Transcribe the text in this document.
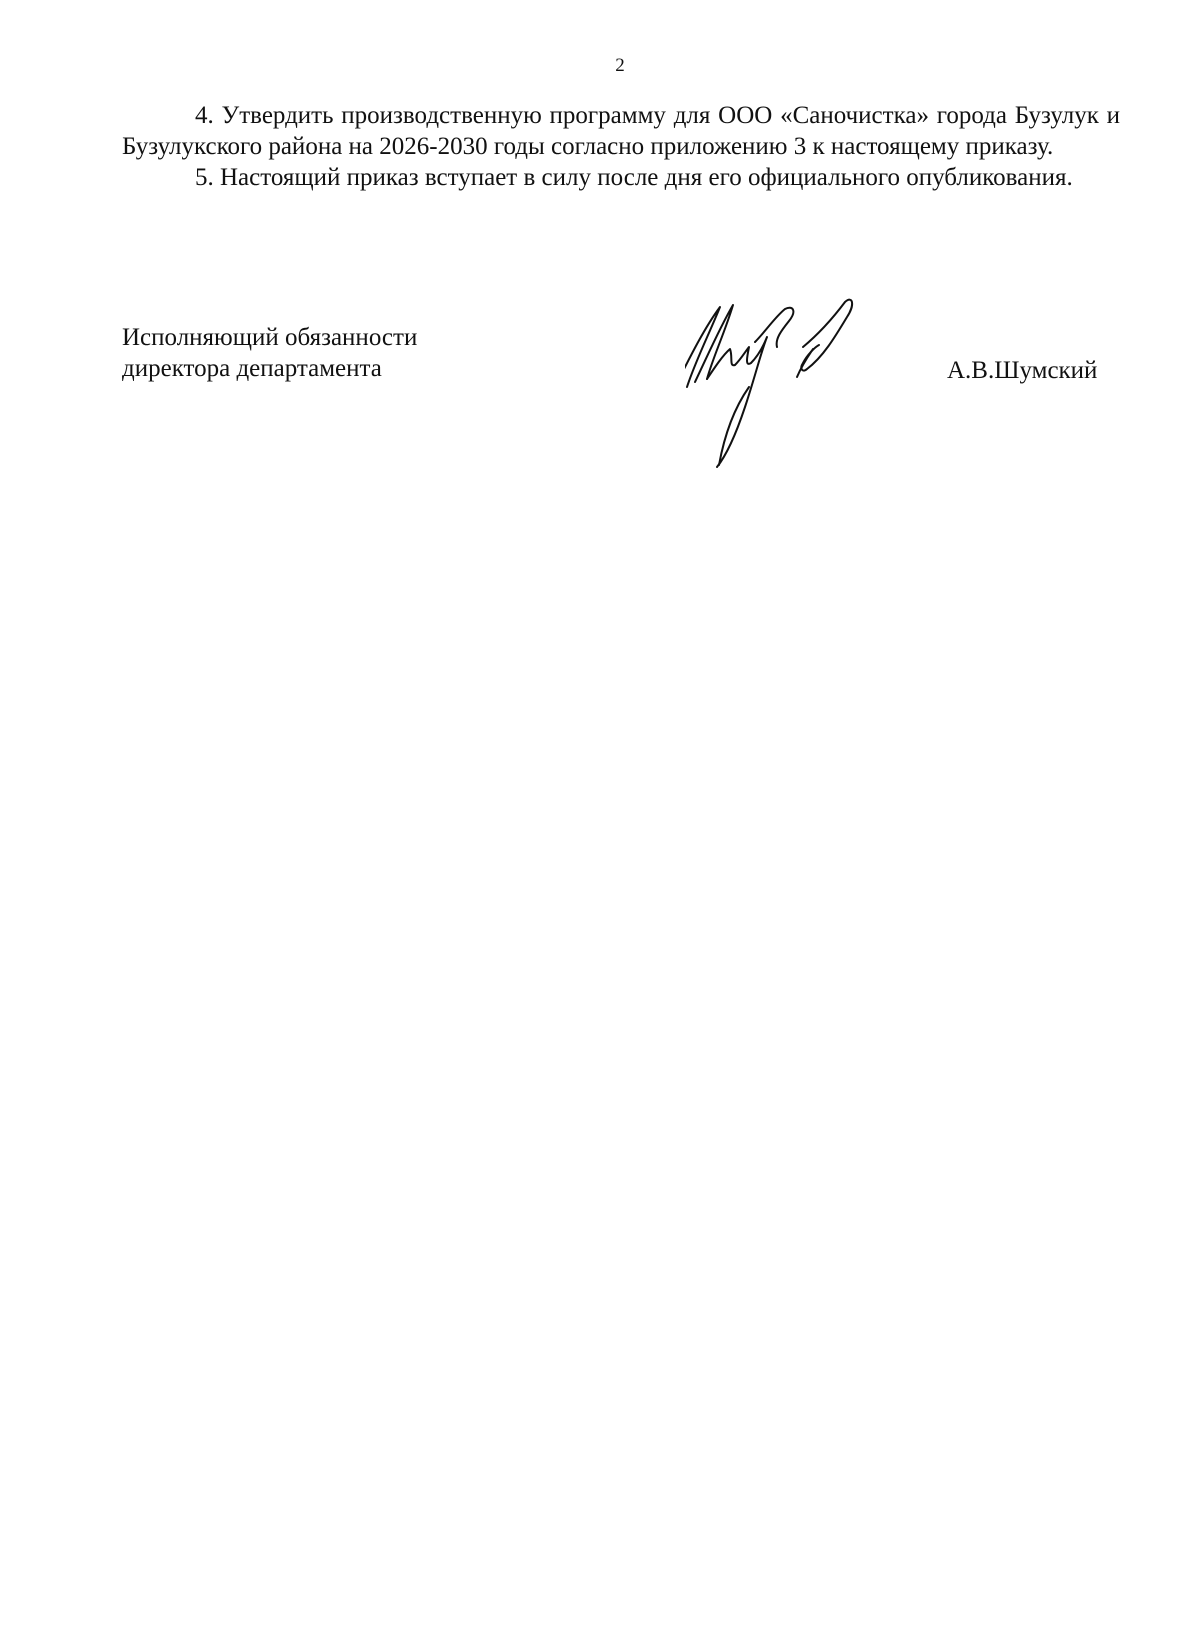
2

4. Утвердить производственную программу для ООО «Саночистка» города Бузулук и Бузулукского района на 2026-2030 годы согласно приложению 3 к настоящему приказу.

5. Настоящий приказ вступает в силу после дня его официального опубликования.

Исполняющий обязанности
директора департамента	А.В.Шумский
